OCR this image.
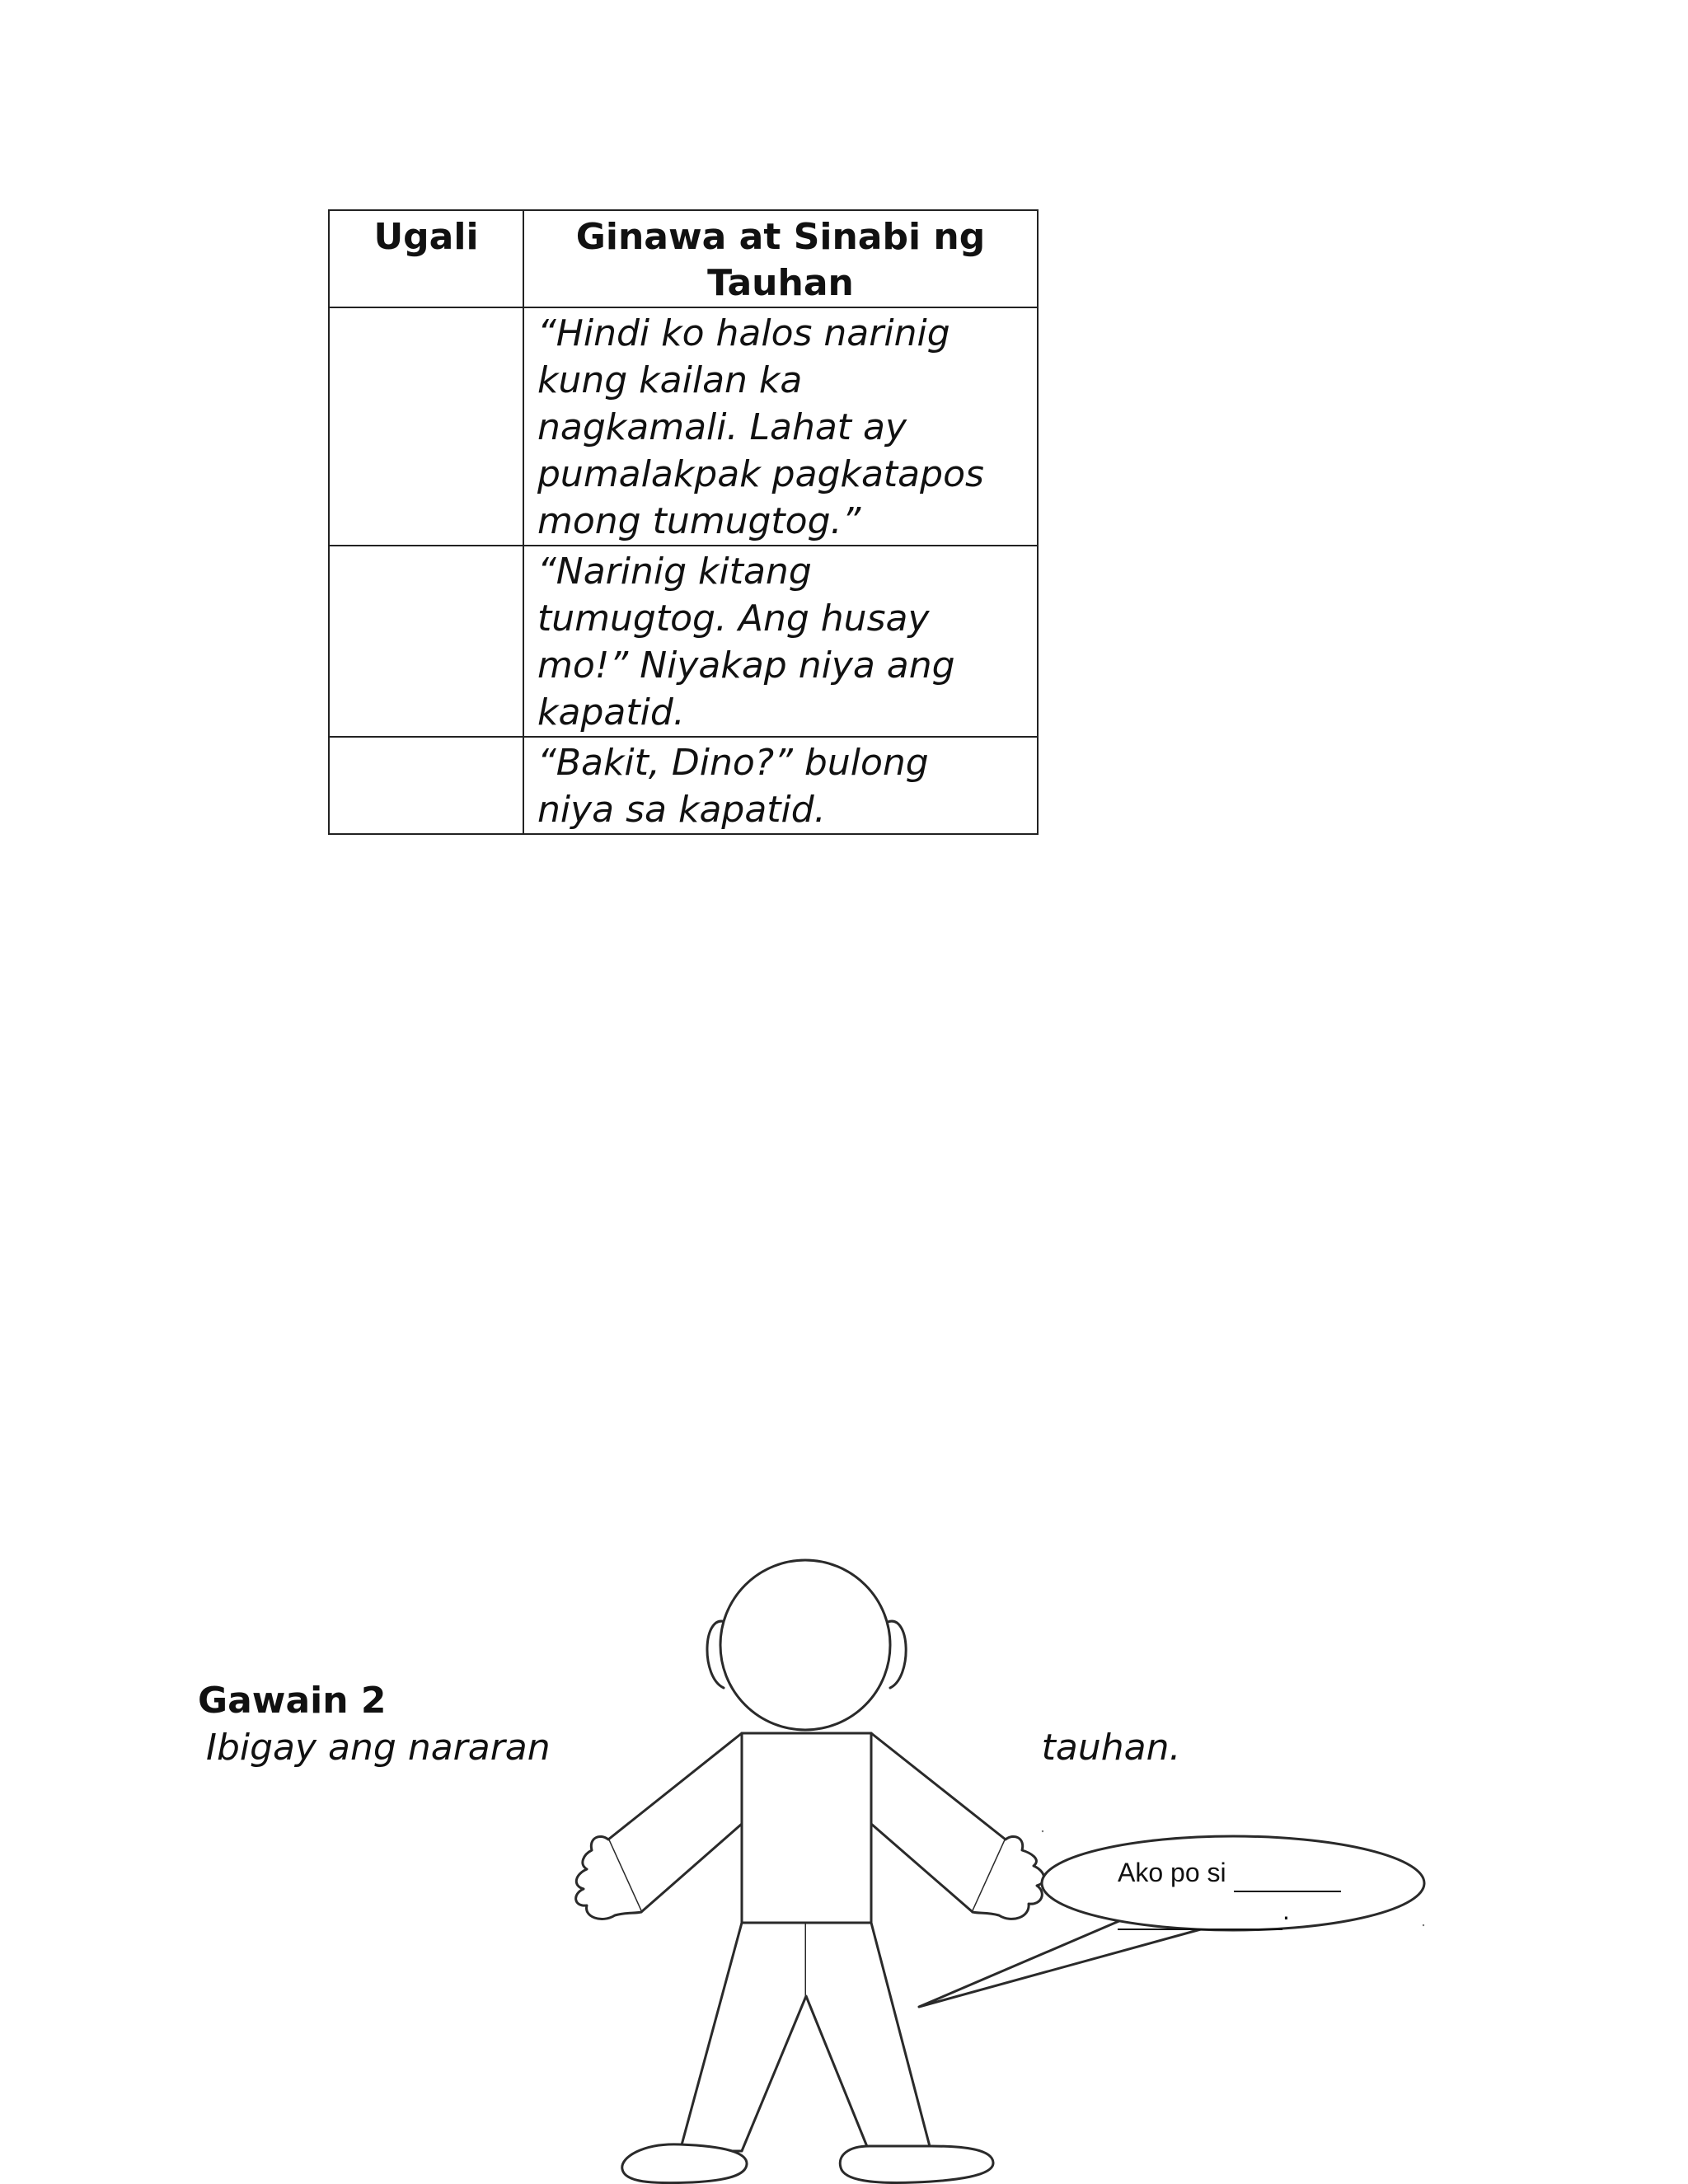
Ugali	Ginawa at Sinabi ng Tauhan

	“Hindi ko halos narinig
kung kailan ka
nagkamali. Lahat ay
pumalakpak pagkatapos
mong tumugtog.”

	“Narinig kitang
tumugtog. Ang husay
mo!” Niyakap niya ang
kapatid.

	“Bakit, Dino?” bulong
niya sa kapatid.
Gawain 2

Ibigay ang nararan	tauhan.

Ako po si
.
